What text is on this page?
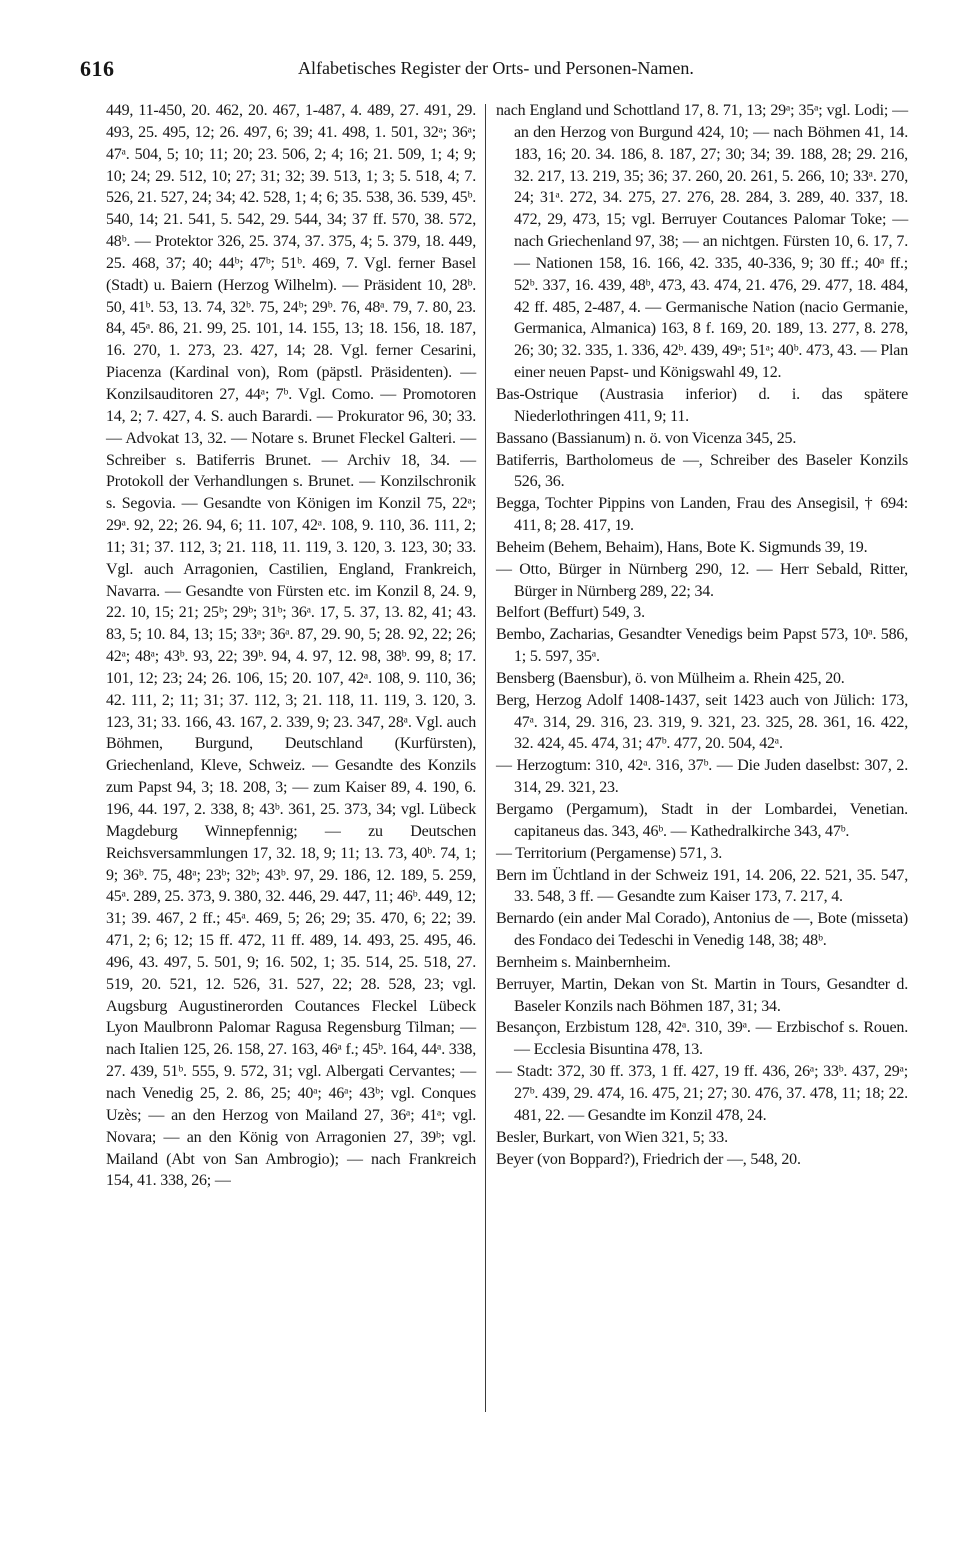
616	Alfabetisches Register der Orts- und Personen-Namen.

449, 11-450, 20. 462, 20. 467, 1-487, 4. 489, 27. 491, 29. 493, 25. 495, 12; 26. 497, 6; 39; 41. 498, 1. 501, 32ᵃ; 36ᵃ; 47ᵃ. 504, 5; 10; 11; 20; 23. 506, 2; 4; 16; 21. 509, 1; 4; 9; 10; 24; 29. 512, 10; 27; 31; 32; 39. 513, 1; 3; 5. 518, 4; 7. 526, 21. 527, 24; 34; 42. 528, 1; 4; 6; 35. 538, 36. 539, 45ᵇ. 540, 14; 21. 541, 5. 542, 29. 544, 34; 37 ff. 570, 38. 572, 48ᵇ. — Protektor 326, 25. 374, 37. 375, 4; 5. 379, 18. 449, 25. 468, 37; 40; 44ᵇ; 47ᵇ; 51ᵇ. 469, 7. Vgl. ferner Basel (Stadt) u. Baiern (Herzog Wilhelm). — Präsident 10, 28ᵇ. 50, 41ᵇ. 53, 13. 74, 32ᵇ. 75, 24ᵇ; 29ᵇ. 76, 48ᵃ. 79, 7. 80, 23. 84, 45ᵃ. 86, 21. 99, 25. 101, 14. 155, 13; 18. 156, 18. 187, 16. 270, 1. 273, 23. 427, 14; 28. Vgl. ferner Cesarini, Piacenza (Kardinal von), Rom (päpstl. Präsidenten). — Konzilsauditoren 27, 44ᵃ; 7ᵇ. Vgl. Como. — Promotoren 14, 2; 7. 427, 4. S. auch Barardi. — Prokurator 96, 30; 33. — Advokat 13, 32. — Notare s. Brunet Fleckel Galteri. — Schreiber s. Batiferris Brunet. — Archiv 18, 34. — Protokoll der Verhandlungen s. Brunet. — Konzilschronik s. Segovia. — Gesandte von Königen im Konzil 75, 22ᵃ; 29ᵃ. 92, 22; 26. 94, 6; 11. 107, 42ᵃ. 108, 9. 110, 36. 111, 2; 11; 31; 37. 112, 3; 21. 118, 11. 119, 3. 120, 3. 123, 30; 33. Vgl. auch Arragonien, Castilien, England, Frankreich, Navarra. — Gesandte von Fürsten etc. im Konzil 8, 24. 9, 22. 10, 15; 21; 25ᵇ; 29ᵇ; 31ᵇ; 36ᵃ. 17, 5. 37, 13. 82, 41; 43. 83, 5; 10. 84, 13; 15; 33ᵃ; 36ᵃ. 87, 29. 90, 5; 28. 92, 22; 26; 42ᵃ; 48ᵃ; 43ᵇ. 93, 22; 39ᵇ. 94, 4. 97, 12. 98, 38ᵇ. 99, 8; 17. 101, 12; 23; 24; 26. 106, 15; 20. 107, 42ᵃ. 108, 9. 110, 36; 42. 111, 2; 11; 31; 37. 112, 3; 21. 118, 11. 119, 3. 120, 3. 123, 31; 33. 166, 43. 167, 2. 339, 9; 23. 347, 28ᵃ. Vgl. auch Böhmen, Burgund, Deutschland (Kurfürsten), Griechenland, Kleve, Schweiz. — Gesandte des Konzils zum Papst 94, 3; 18. 208, 3; — zum Kaiser 89, 4. 190, 6. 196, 44. 197, 2. 338, 8; 43ᵇ. 361, 25. 373, 34; vgl. Lübeck Magdeburg Winnepfennig; — zu Deutschen Reichsversammlungen 17, 32. 18, 9; 11; 13. 73, 40ᵇ. 74, 1; 9; 36ᵇ. 75, 48ᵃ; 23ᵇ; 32ᵇ; 43ᵇ. 97, 29. 186, 12. 189, 5. 259, 45ᵃ. 289, 25. 373, 9. 380, 32. 446, 29. 447, 11; 46ᵇ. 449, 12; 31; 39. 467, 2 ff.; 45ᵃ. 469, 5; 26; 29; 35. 470, 6; 22; 39. 471, 2; 6; 12; 15 ff. 472, 11 ff. 489, 14. 493, 25. 495, 46. 496, 43. 497, 5. 501, 9; 16. 502, 1; 35. 514, 25. 518, 27. 519, 20. 521, 12. 526, 31. 527, 22; 28. 528, 23; vgl. Augsburg Augustinerorden Coutances Fleckel Lübeck Lyon Maulbronn Palomar Ragusa Regensburg Tilman; — nach Italien 125, 26. 158, 27. 163, 46ᵃ f.; 45ᵇ. 164, 44ᵃ. 338, 27. 439, 51ᵇ. 555, 9. 572, 31; vgl. Albergati Cervantes; — nach Venedig 25, 2. 86, 25; 40ᵃ; 46ᵃ; 43ᵇ; vgl. Conques Uzès; — an den Herzog von Mailand 27, 36ᵃ; 41ᵃ; vgl. Novara; — an den König von Arragonien 27, 39ᵇ; vgl. Mailand (Abt von San Ambrogio); — nach Frankreich 154, 41. 338, 26; —

nach England und Schottland 17, 8. 71, 13; 29ᵃ; 35ᵃ; vgl. Lodi; — an den Herzog von Burgund 424, 10; — nach Böhmen 41, 14. 183, 16; 20. 34. 186, 8. 187, 27; 30; 34; 39. 188, 28; 29. 216, 32. 217, 13. 219, 35; 36; 37. 260, 20. 261, 5. 266, 10; 33ᵃ. 270, 24; 31ᵃ. 272, 34. 275, 27. 276, 28. 284, 3. 289, 40. 337, 18. 472, 29, 473, 15; vgl. Berruyer Coutances Palomar Toke; — nach Griechenland 97, 38; — an nichtgen. Fürsten 10, 6. 17, 7. — Nationen 158, 16. 166, 42. 335, 40-336, 9; 30 ff.; 40ᵃ ff.; 52ᵇ. 337, 16. 439, 48ᵇ, 473, 43. 474, 21. 476, 29. 477, 18. 484, 42 ff. 485, 2-487, 4. — Germanische Nation (nacio Germanie, Germanica, Almanica) 163, 8 f. 169, 20. 189, 13. 277, 8. 278, 26; 30; 32. 335, 1. 336, 42ᵇ. 439, 49ᵃ; 51ᵃ; 40ᵇ. 473, 43. — Plan einer neuen Papst- und Königswahl 49, 12.

Bas-Ostrique (Austrasia inferior) d. i. das spätere Niederlothringen 411, 9; 11.

Bassano (Bassianum) n. ö. von Vicenza 345, 25.

Batiferris, Bartholomeus de —, Schreiber des Baseler Konzils 526, 36.

Begga, Tochter Pippins von Landen, Frau des Ansegisil, † 694: 411, 8; 28. 417, 19.

Beheim (Behem, Behaim), Hans, Bote K. Sigmunds 39, 19.

— Otto, Bürger in Nürnberg 290, 12. — Herr Sebald, Ritter, Bürger in Nürnberg 289, 22; 34.

Belfort (Beffurt) 549, 3.

Bembo, Zacharias, Gesandter Venedigs beim Papst 573, 10ᵃ. 586, 1; 5. 597, 35ᵃ.

Bensberg (Baensbur), ö. von Mülheim a. Rhein 425, 20.

Berg, Herzog Adolf 1408-1437, seit 1423 auch von Jülich: 173, 47ᵃ. 314, 29. 316, 23. 319, 9. 321, 23. 325, 28. 361, 16. 422, 32. 424, 45. 474, 31; 47ᵇ. 477, 20. 504, 42ᵃ.

— Herzogtum: 310, 42ᵃ. 316, 37ᵇ. — Die Juden daselbst: 307, 2. 314, 29. 321, 23.

Bergamo (Pergamum), Stadt in der Lombardei, Venetian. capitaneus das. 343, 46ᵇ. — Kathedralkirche 343, 47ᵇ.

— Territorium (Pergamense) 571, 3.

Bern im Üchtland in der Schweiz 191, 14. 206, 22. 521, 35. 547, 33. 548, 3 ff. — Gesandte zum Kaiser 173, 7. 217, 4.

Bernardo (ein ander Mal Corado), Antonius de —, Bote (misseta) des Fondaco dei Tedeschi in Venedig 148, 38; 48ᵇ.

Bernheim s. Mainbernheim.

Berruyer, Martin, Dekan von St. Martin in Tours, Gesandter d. Baseler Konzils nach Böhmen 187, 31; 34.

Besançon, Erzbistum 128, 42ᵃ. 310, 39ᵃ. — Erzbischof s. Rouen. — Ecclesia Bisuntina 478, 13.

— Stadt: 372, 30 ff. 373, 1 ff. 427, 19 ff. 436, 26ᵃ; 33ᵇ. 437, 29ᵃ; 27ᵇ. 439, 29. 474, 16. 475, 21; 27; 30. 476, 37. 478, 11; 18; 22. 481, 22. — Gesandte im Konzil 478, 24.

Besler, Burkart, von Wien 321, 5; 33.

Beyer (von Boppard?), Friedrich der —, 548, 20.
